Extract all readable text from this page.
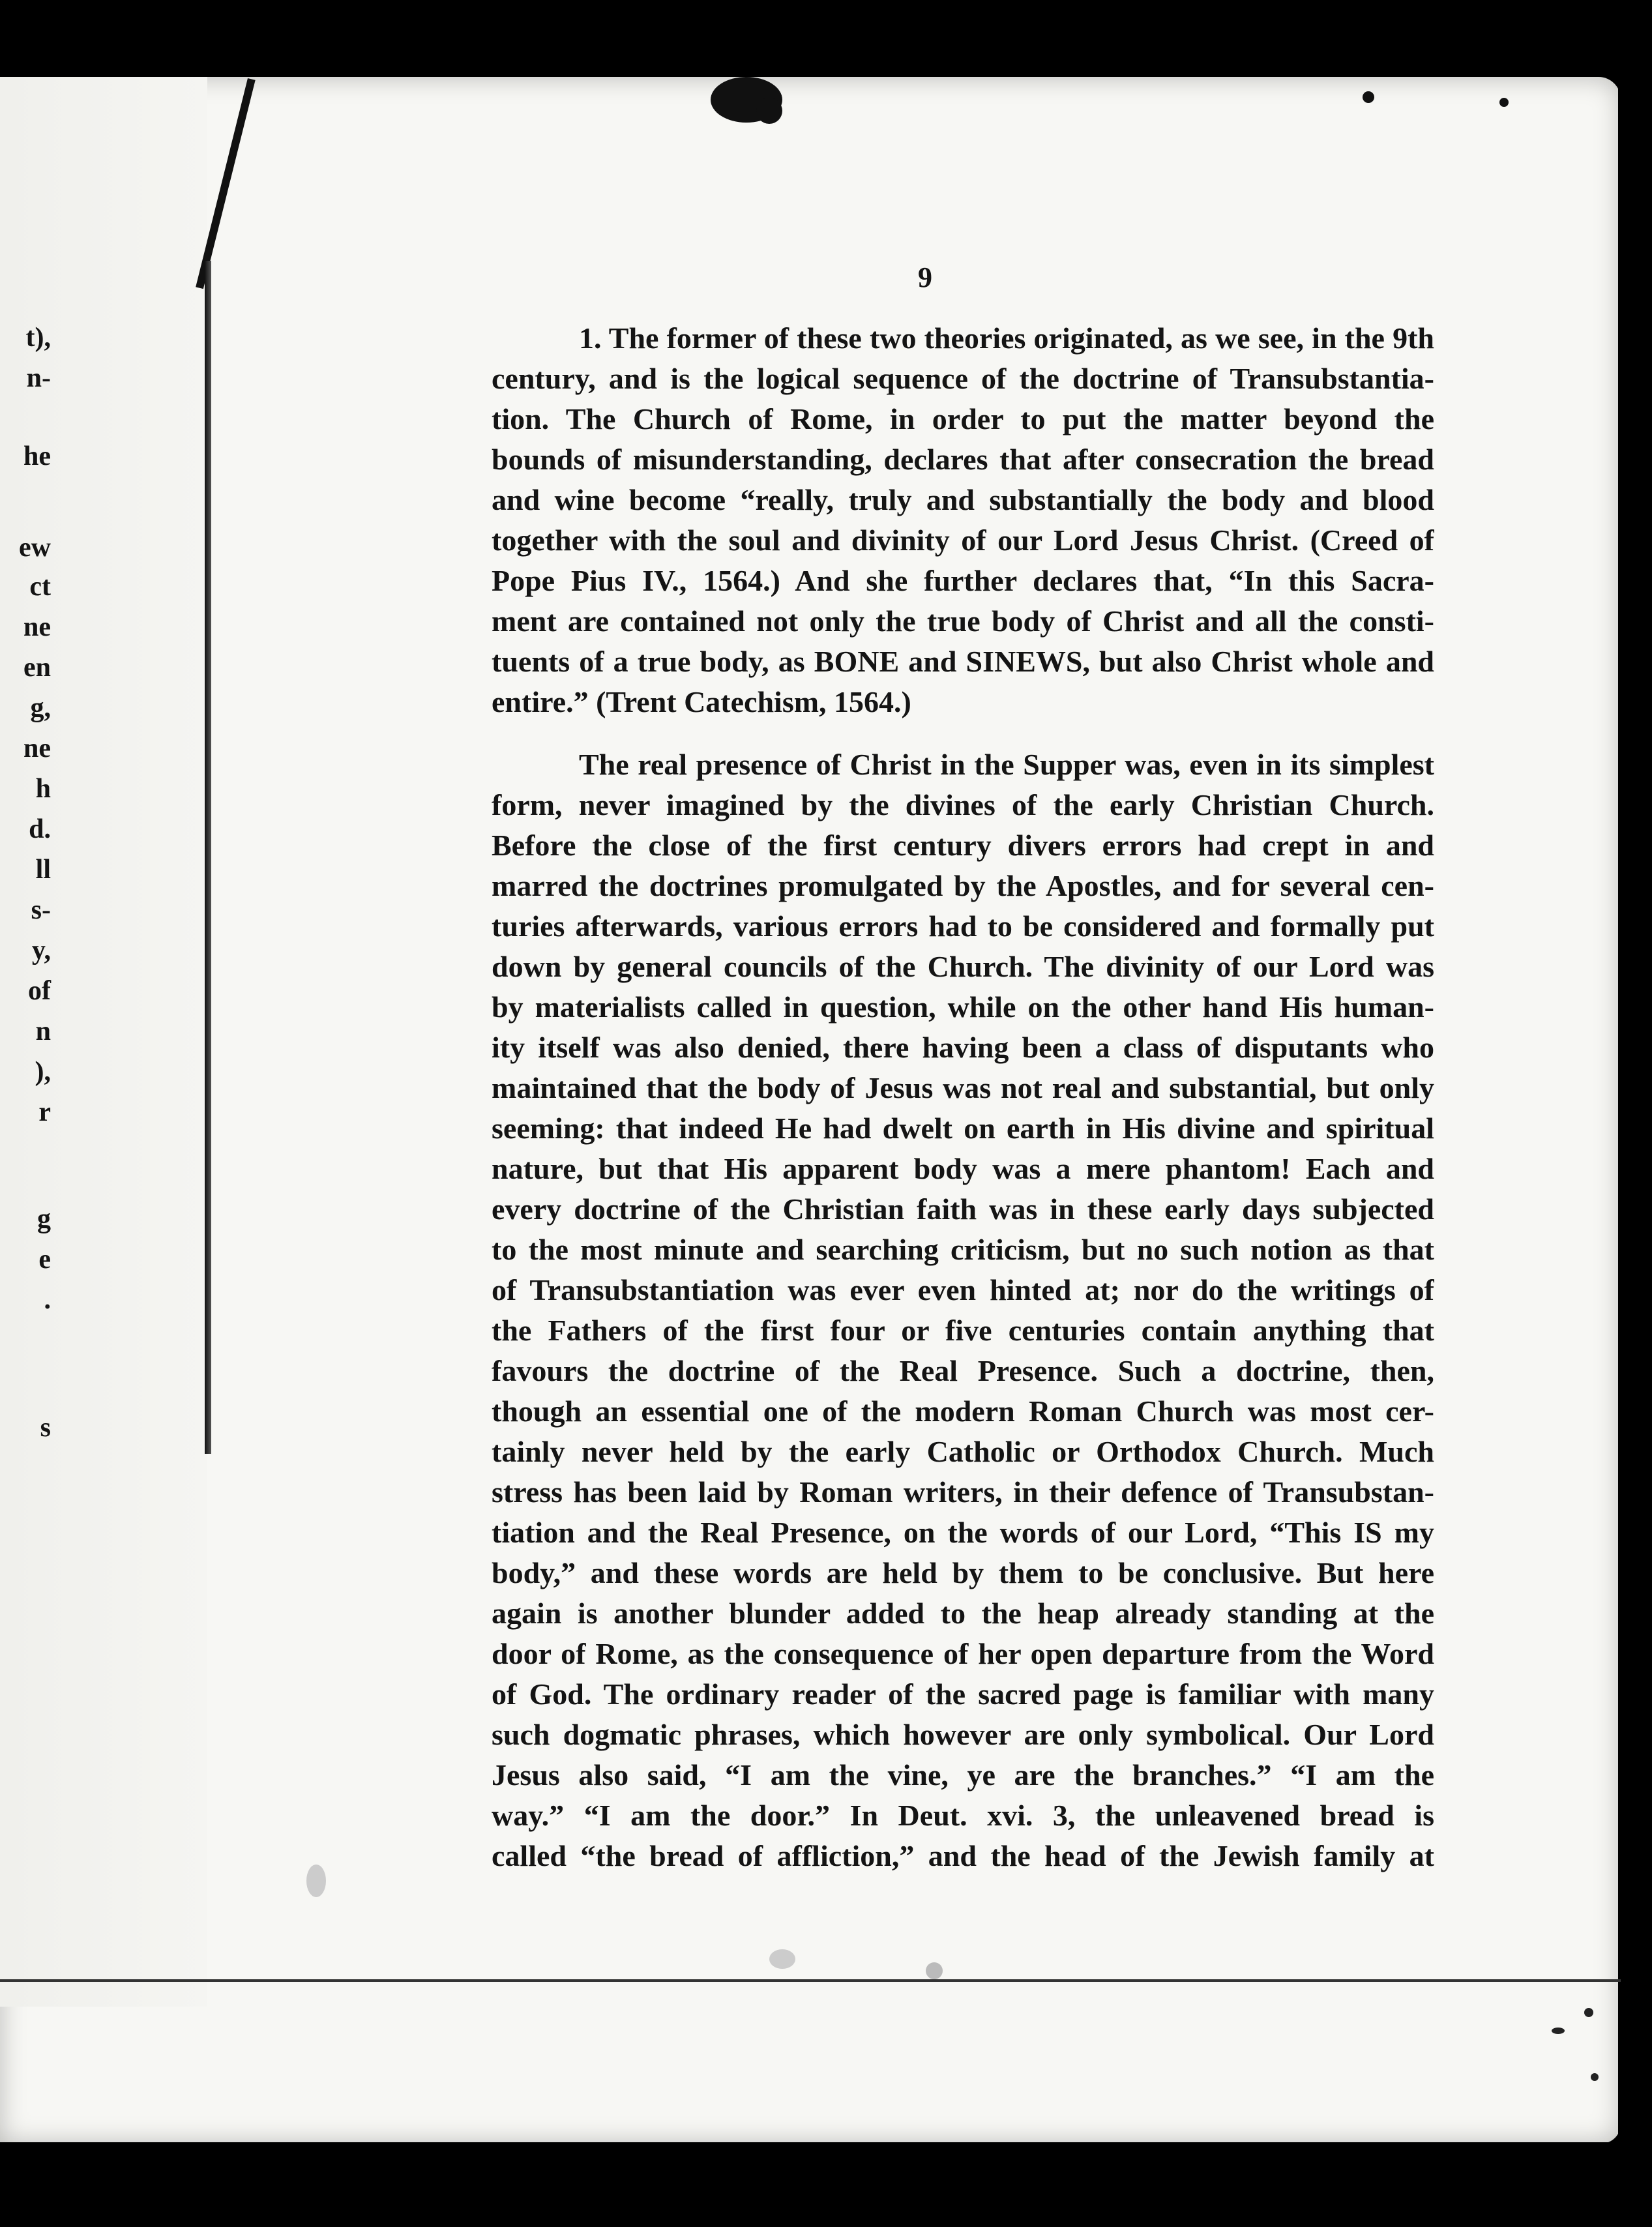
t),
n-
he
ew
ct
ne
en
g,
ne
h
d.
ll
s-
y,
of
n
),
r
g
e
.
s
9

1. The former of these two theories originated, as we see, in the 9th
century, and is the logical sequence of the doctrine of Transubstantia-
tion. The Church of Rome, in order to put the matter beyond the
bounds of misunderstanding, declares that after consecration the bread
and wine become “really, truly and substantially the body and blood
together with the soul and divinity of our Lord Jesus Christ. (Creed of
Pope Pius IV., 1564.) And she further declares that, “In this Sacra-
ment are contained not only the true body of Christ and all the consti-
tuents of a true body, as BONE and SINEWS, but also Christ whole and
entire.” (Trent Catechism, 1564.)

The real presence of Christ in the Supper was, even in its simplest
form, never imagined by the divines of the early Christian Church.
Before the close of the first century divers errors had crept in and
marred the doctrines promulgated by the Apostles, and for several cen-
turies afterwards, various errors had to be considered and formally put
down by general councils of the Church. The divinity of our Lord was
by materialists called in question, while on the other hand His human-
ity itself was also denied, there having been a class of disputants who
maintained that the body of Jesus was not real and substantial, but only
seeming: that indeed He had dwelt on earth in His divine and spiritual
nature, but that His apparent body was a mere phantom! Each and
every doctrine of the Christian faith was in these early days subjected
to the most minute and searching criticism, but no such notion as that
of Transubstantiation was ever even hinted at; nor do the writings of
the Fathers of the first four or five centuries contain anything that
favours the doctrine of the Real Presence. Such a doctrine, then,
though an essential one of the modern Roman Church was most cer-
tainly never held by the early Catholic or Orthodox Church. Much
stress has been laid by Roman writers, in their defence of Transubstan-
tiation and the Real Presence, on the words of our Lord, “This IS my
body,” and these words are held by them to be conclusive. But here
again is another blunder added to the heap already standing at the
door of Rome, as the consequence of her open departure from the Word
of God. The ordinary reader of the sacred page is familiar with many
such dogmatic phrases, which however are only symbolical. Our Lord
Jesus also said, “I am the vine, ye are the branches.” “I am the
way.” “I am the door.” In Deut. xvi. 3, the unleavened bread is
called “the bread of affliction,” and the head of the Jewish family at
